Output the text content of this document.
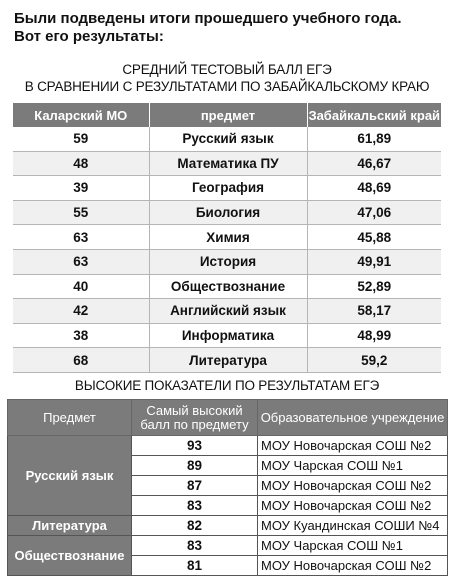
Были подведены итоги прошедшего учебного года.
Вот его результаты:
СРЕДНИЙ ТЕСТОВЫЙ БАЛЛ ЕГЭ
В СРАВНЕНИИ С РЕЗУЛЬТАТАМИ ПО ЗАБАЙКАЛЬСКОМУ КРАЮ
Каларский МО	предмет	Забайкальский край
59	Русский язык	61,89
48	Математика ПУ	46,67
39	География	48,69
55	Биология	47,06
63	Химия	45,88
63	История	49,91
40	Обществознание	52,89
42	Английский язык	58,17
38	Информатика	48,99
68	Литература	59,2
ВЫСОКИЕ ПОКАЗАТЕЛИ ПО РЕЗУЛЬТАТАМ ЕГЭ
Предмет	Самый высокий балл по предмету	Образовательное учреждение
Русский язык	93	МОУ Новочарская СОШ №2
	89	МОУ Чарская СОШ №1
	87	МОУ Новочарская СОШ №2
	83	МОУ Новочарская СОШ №2
Литература	82	МОУ Куандинская СОШИ №4
Обществознание	83	МОУ Чарская СОШ №1
	81	МОУ Новочарская СОШ №2
